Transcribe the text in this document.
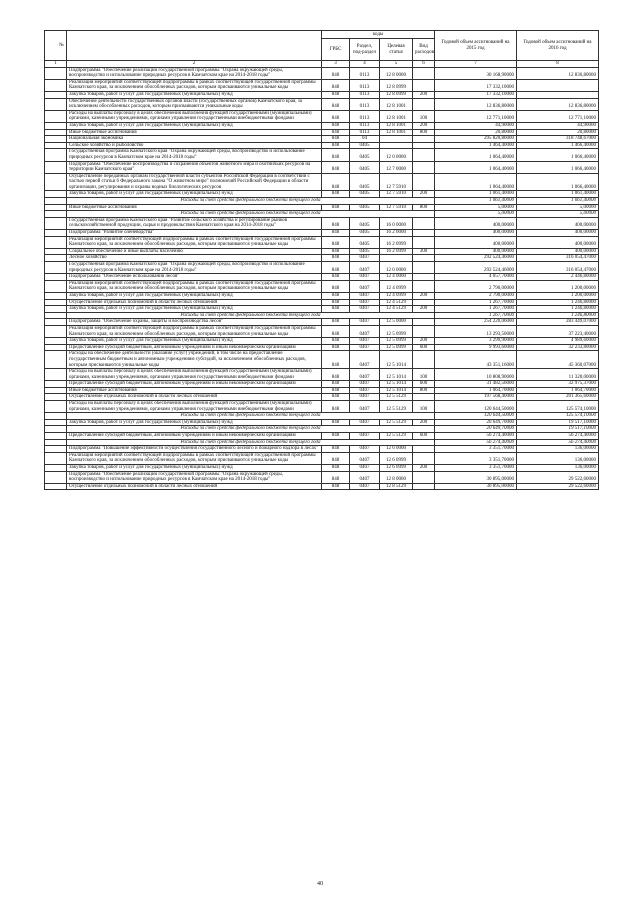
№		коды				Годовой объем ассигнований на 2015 год	Годовой объем ассигнований на 2016 год
		ГРБС	Раздел, под-раздел	Целевая статья	Вид расходов		
1	2	3	4	5	6	7	8
	Подпрограмма "Обеспечение реализации государственной программы "Охрана окружающей среды, воспроизводство и использование природных ресурсов в Камчатском крае на 2014-2018 годы"	848	0113	12 8 0000		30 168,90000	12 836,80000
	Реализация мероприятий соответствующей подпрограммы в рамках соответствующей государственной программы Камчатского края, за исключением обособленных расходов, которым присваиваются уникальные коды	848	0113	12 8 0999		17 332,10000	
	Закупка товаров, работ и услуг для государственных (муниципальных) нужд	848	0113	12 8 0999	200	17 332,10000	
	Обеспечение деятельности государственных органов власти (государственных органов) Камчатского края, за исключением обособленных расходов, которым присваиваются уникальные коды	848	0113	12 8 1001		12 836,80000	12 836,80000
	Расходы на выплаты персоналу в целях обеспечения выполнения функций государственными (муниципальными) органами, казенными учреждениями, органами управления государственными внебюджетными фондами	848	0113	12 8 1001	100	12 771,10000	12 771,10000
	Закупка товаров, работ и услуг для государственных (муниципальных) нужд	848	0113	12 8 1001	200	44,90000	44,90000
	Иные бюджетные ассигнования	848	0113	12 8 1001	800	20,80000	20,80000
	Национальная экономика	848	04			295 820,86000	318 748,67000
	Сельское хозяйство и рыболовство	848	0405			1 464,40000	1 466,40000
	Государственная программа Камчатского края "Охрана окружающей среды, воспроизводство и использование природных ресурсов в Камчатском крае на 2014-2018 годы"	848	0405	12 0 0000		1 064,40000	1 066,40000
	Подпрограмма "Обеспечение воспроизводства и сохранения объектов животного мира и охотничьих ресурсов на территории Камчатского края"	848	0405	12 7 0000		1 064,40000	1 066,40000
	Осуществление переданных органам государственной власти субъектов Российской Федерации в соответствии с частью первой статьи 6 Федерального закона "О животном мире" полномочий Российской Федерации в области организации, регулирования и охраны водных биологических ресурсов	848	0405	12 7 5910		1 064,40000	1 066,40000
	Закупка товаров, работ и услуг для государственных (муниципальных) нужд	848	0405	12 7 5910	200	1 061,40000	1 061,40000
	Расходы за счет средств федерального бюджета текущего года					1 061,40000	1 061,40000
	Иные бюджетные ассигнования	848	0405	12 7 5910	800	5,00000	5,00000
	Расходы за счет средств федерального бюджета текущего года					5,00000	5,00000
	Государственная программа Камчатского края "Развитие сельского хозяйства и регулирование рынков сельскохозяйственной продукции, сырья и продовольствия Камчатского края на 2014-2018 годы"	848	0405	16 0 0000		400,00000	400,00000
	Подпрограмма "Развитие оленеводства"	848	0405	16 2 0000		400,00000	400,00000
	Реализация мероприятий соответствующей подпрограммы в рамках соответствующей государственной программы Камчатского края, за исключением обособленных расходов, которым присваиваются уникальные коды	848	0405	16 2 0999		400,00000	400,00000
	Социальное обеспечение и иные выплаты населению	848	0405	16 2 0999	300	400,00000	400,00000
	Лесное хозяйство	848	0407			292 524,46000	316 054,47000
	Государственная программа Камчатского края "Охрана окружающей среды, воспроизводство и использование природных ресурсов в Камчатском крае на 2014-2018 годы"	848	0407	12 0 0000		292 524,46000	316 054,47000
	Подпрограмма "Обеспечение использования лесов"	848	0407	12 4 0000		4 057,70000	2 446,80000
	Реализация мероприятий соответствующей подпрограммы в рамках соответствующей государственной программы Камчатского края, за исключением обособленных расходов, которым присваиваются уникальные коды	848	0407	12 4 0999		2 790,00000	1 200,00000
	Закупка товаров, работ и услуг для государственных (муниципальных) нужд	848	0407	12 4 0999	200	2 790,00000	1 200,00000
	Осуществление отдельных полномочий в области лесных отношений	848	0407	12 4 5129		1 267,70000	1 246,80000
	Закупка товаров, работ и услуг для государственных (муниципальных) нужд	848	0407	12 4 5129	200	1 267,70000	1 246,80000
	Расходы за счет средств федерального бюджета текущего года					1 267,70000	1 246,80000
	Подпрограмма "Обеспечение охраны, защиты и воспроизводства лесов"	848	0407	12 5 0000		254 220,06000	283 449,07000
	Реализация мероприятий соответствующей подпрограммы в рамках соответствующей государственной программы Камчатского края, за исключением обособленных расходов, которым присваиваются уникальные коды	848	0407	12 5 0999		13 293,50000	37 223,40000
	Закупка товаров, работ и услуг для государственных (муниципальных) нужд	848	0407	12 5 0999	200	3 299,90000	4 989,60000
	Предоставление субсидий бюджетным, автономным учреждениям и иным некоммерческим организациям	848	0407	12 5 0999	600	9 993,60000	32 233,80000
	Расходы на обеспечение деятельности (оказание услуг) учреждений, в том числе на предоставление государственным бюджетным и автономным учреждениям субсидий, за исключением обособленных расходов, которым присваиваются уникальные коды	848	0407	12 5 1014		43 351,16000	45 360,07000
	Расходы на выплаты персоналу в целях обеспечения выполнения функций государственными (муниципальными) органами, казенными учреждениями, органами управления государственными внебюджетными фондами	848	0407	12 5 1014	100	10 808,90000	11 320,00000
	Предоставление субсидий бюджетным, автономным учреждениям и иным некоммерческим организациям	848	0407	12 5 1014	600	31 482,56000	32 975,37000
	Иные бюджетные ассигнования	848	0407	12 5 1014	800	1 064,70000	1 064,70000
	Осуществление отдельных полномочий в области лесных отношений	848	0407	12 5 5129		197 568,40000	201 365,60000
	Расходы на выплаты персоналу в целях обеспечения выполнения функций государственными (муниципальными) органами, казенными учреждениями, органами управления государственными внебюджетными фондами	848	0407	12 5 5129	100	120 644,50000	125 574,10000
	Расходы за счет средств федерального бюджета текущего года					120 644,50000	125 574,10000
	Закупка товаров, работ и услуг для государственных (муниципальных) нужд	848	0407	12 5 5129	200	20 649,70000	19 517,10000
	Расходы за счет средств федерального бюджета текущего года					20 649,70000	19 517,10000
	Предоставление субсидий бюджетным, автономным учреждениям и иным некоммерческим организациям	848	0407	12 5 5129	600	56 274,40000	56 274,40000
	Расходы за счет средств федерального бюджета текущего года					56 274,40000	56 274,40000
	Подпрограмма "Повышение эффективности осуществления государственного лесного и пожарного надзора в лесах"	848	0407	12 6 0000		3 351,70000	136,00000
	Реализация мероприятий соответствующей подпрограммы в рамках соответствующей государственной программы Камчатского края, за исключением обособленных расходов, которым присваиваются уникальные коды	848	0407	12 6 0999		3 351,70000	136,00000
	Закупка товаров, работ и услуг для государственных (муниципальных) нужд	848	0407	12 6 0999	200	3 351,70000	136,00000
	Подпрограмма "Обеспечение реализации государственной программы "Охрана окружающей среды, воспроизводство и использование природных ресурсов в Камчатском крае на 2014-2018 годы"	848	0407	12 8 0000		30 895,00000	29 522,60000
	Осуществление отдельных полномочий в области лесных отношений	848	0407	12 8 5129		30 895,00000	29 522,60000
40
